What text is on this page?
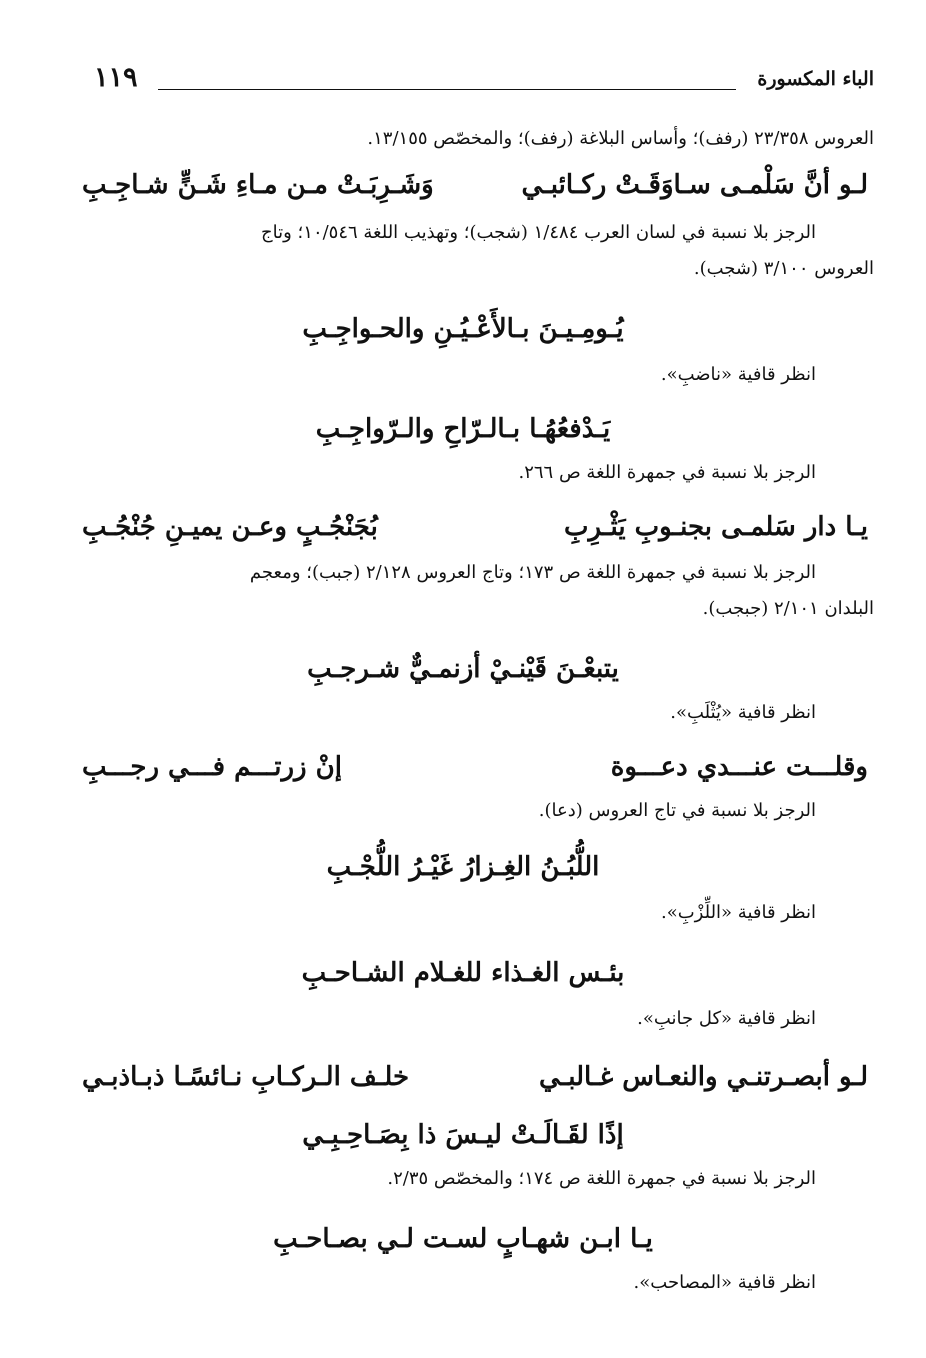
الباء المكسورة
١١٩
العروس ٢٣/٣٥٨ (رفف)؛ وأساس البلاغة (رفف)؛ والمخصّص ١٣/١٥٥.
لـو أنَّ سَلْمـى سـاوَقَـتْ ركـائبـي
وَشَـرِبَـتْ مـن مـاءِ شَـنٍّ شـاجِـبِ
الرجز بلا نسبة في لسان العرب ١/٤٨٤ (شجب)؛ وتهذيب اللغة ١٠/٥٤٦؛ وتاج
العروس ٣/١٠٠ (شجب).
يُـومِـيـنَ بـالأَعْـيُـنِ والحـواجِـبِ
انظر قافية «ناضبِ».
يَـدْفعُهُـا بـالـرّاحِ والـرّواجِـبِ
الرجز بلا نسبة في جمهرة اللغة ص ٢٦٦.
يـا دار سَلمـى بجنـوبِ يَثْـرِبِ
بُجَنْجُـبٍ وعـن يميـنِ جُنْجُـبِ
الرجز بلا نسبة في جمهرة اللغة ص ١٧٣؛ وتاج العروس ٢/١٢٨ (جبب)؛ ومعجم
البلدان ٢/١٠١ (جبجب).
يتبعْـنَ قَيْنـيْ أزنمـيٌّ شـرجـبِ
انظر قافية «يُثْلَبِ».
وقلـــت عنـــدي دعـــوة
إنْ زرتـــم فـــي رجـــبِ
الرجز بلا نسبة في تاج العروس (دعا).
اللُّبُـنُ الغِـزارُ غَيْـرُ اللُّجْـبِ
انظر قافية «اللِّزْبِ».
بئـس الغـذاء للغـلام الشـاحـبِ
انظر قافية «كل جانبِ».
لـو أبصـرتنـي والنعـاس غـالبـي
خلـف الـركـابِ نـائسًـا ذبـاذبـي
إذًا لقَـالَـتْ ليـسَ ذا بِصَـاحِـبِـي
الرجز بلا نسبة في جمهرة اللغة ص ١٧٤؛ والمخصّص ٢/٣٥.
يـا ابـن شهـابٍ لسـت لـي بصـاحـبِ
انظر قافية «المصاحب».
